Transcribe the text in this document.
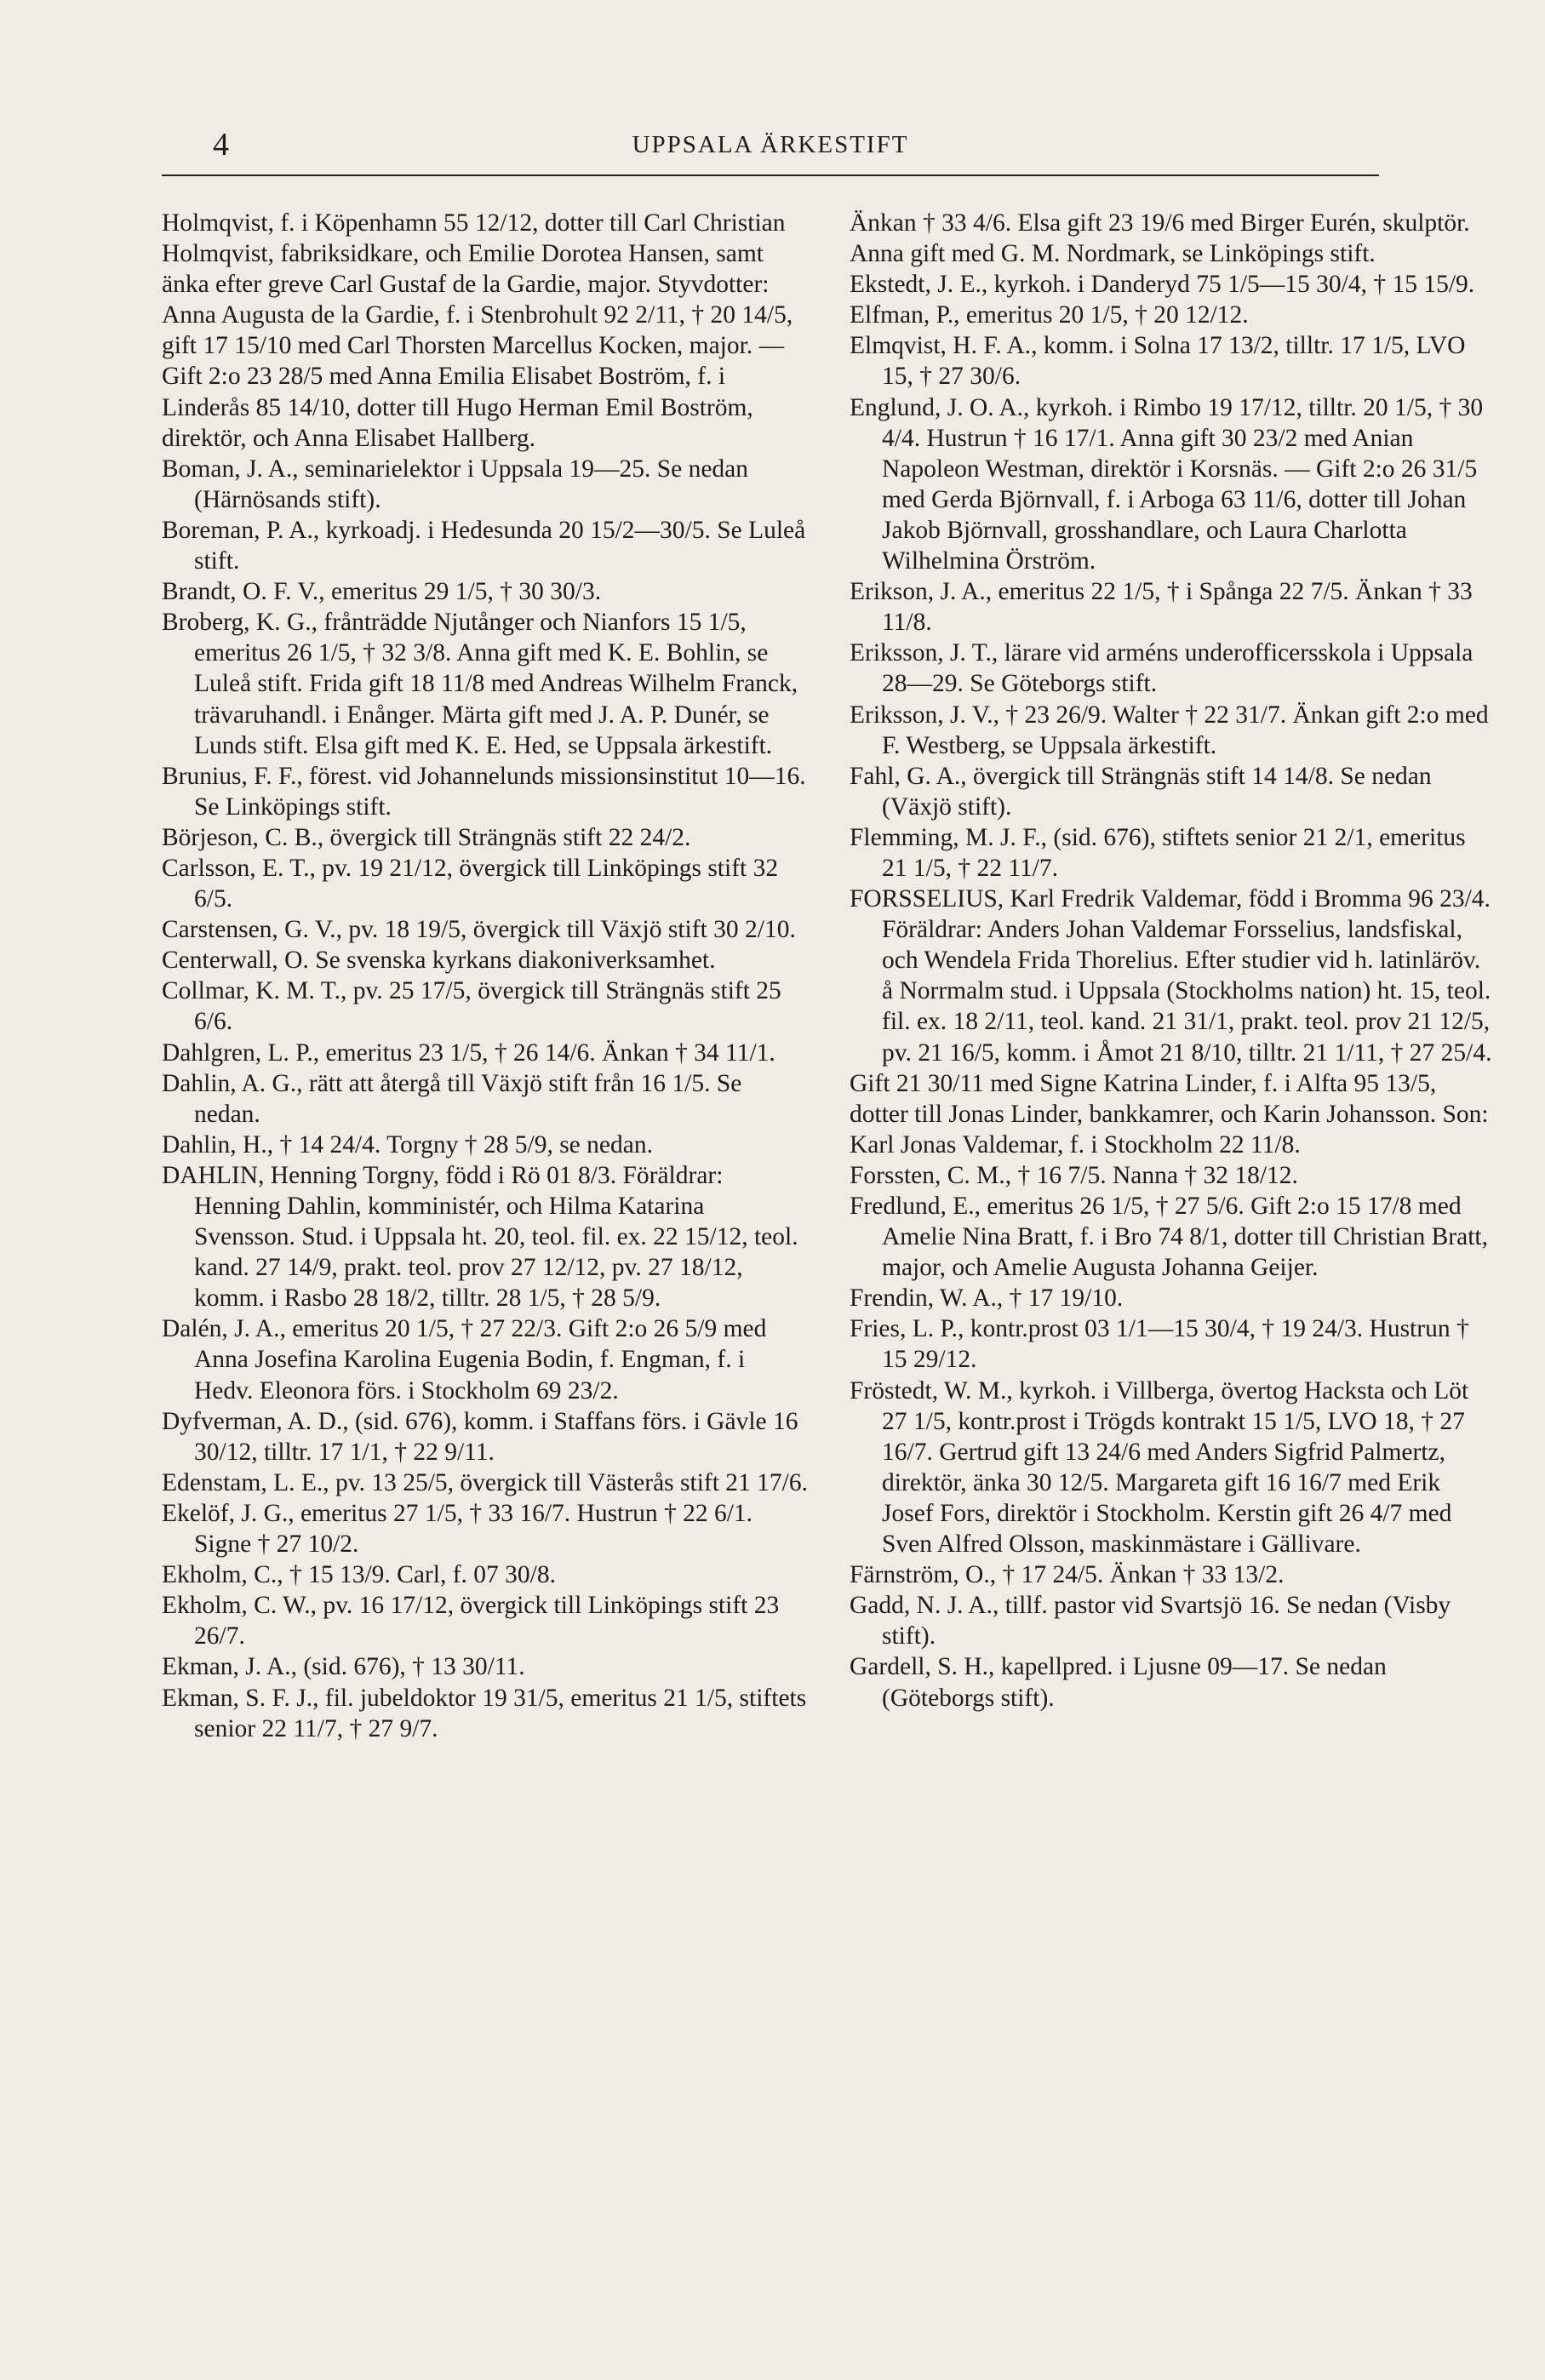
4	UPPSALA ÄRKESTIFT

Holmqvist, f. i Köpenhamn 55 12/12, dotter till Carl Christian Holmqvist, fabriksidkare, och Emilie Dorotea Hansen, samt änka efter greve Carl Gustaf de la Gardie, major. Styvdotter: Anna Augusta de la Gardie, f. i Stenbrohult 92 2/11, † 20 14/5, gift 17 15/10 med Carl Thorsten Marcellus Kocken, major. — Gift 2:o 23 28/5 med Anna Emilia Elisabet Boström, f. i Linderås 85 14/10, dotter till Hugo Herman Emil Boström, direktör, och Anna Elisabet Hallberg.

Boman, J. A., seminarielektor i Uppsala 19—25. Se nedan (Härnösands stift).

Boreman, P. A., kyrkoadj. i Hedesunda 20 15/2—30/5. Se Luleå stift.

Brandt, O. F. V., emeritus 29 1/5, † 30 30/3.

Broberg, K. G., frånträdde Njutånger och Nianfors 15 1/5, emeritus 26 1/5, † 32 3/8. Anna gift med K. E. Bohlin, se Luleå stift. Frida gift 18 11/8 med Andreas Wilhelm Franck, trävaruhandl. i Enånger. Märta gift med J. A. P. Dunér, se Lunds stift. Elsa gift med K. E. Hed, se Uppsala ärkestift.

Brunius, F. F., förest. vid Johannelunds missionsinstitut 10—16. Se Linköpings stift.

Börjeson, C. B., övergick till Strängnäs stift 22 24/2.

Carlsson, E. T., pv. 19 21/12, övergick till Linköpings stift 32 6/5.

Carstensen, G. V., pv. 18 19/5, övergick till Växjö stift 30 2/10.

Centerwall, O. Se svenska kyrkans diakoniverksamhet.

Collmar, K. M. T., pv. 25 17/5, övergick till Strängnäs stift 25 6/6.

Dahlgren, L. P., emeritus 23 1/5, † 26 14/6. Änkan † 34 11/1.

Dahlin, A. G., rätt att återgå till Växjö stift från 16 1/5. Se nedan.

Dahlin, H., † 14 24/4. Torgny † 28 5/9, se nedan.

DAHLIN, Henning Torgny, född i Rö 01 8/3. Föräldrar: Henning Dahlin, komministér, och Hilma Katarina Svensson. Stud. i Uppsala ht. 20, teol. fil. ex. 22 15/12, teol. kand. 27 14/9, prakt. teol. prov 27 12/12, pv. 27 18/12, komm. i Rasbo 28 18/2, tilltr. 28 1/5, † 28 5/9.

Dalén, J. A., emeritus 20 1/5, † 27 22/3. Gift 2:o 26 5/9 med Anna Josefina Karolina Eugenia Bodin, f. Engman, f. i Hedv. Eleonora förs. i Stockholm 69 23/2.

Dyfverman, A. D., (sid. 676), komm. i Staffans förs. i Gävle 16 30/12, tilltr. 17 1/1, † 22 9/11.

Edenstam, L. E., pv. 13 25/5, övergick till Västerås stift 21 17/6.

Ekelöf, J. G., emeritus 27 1/5, † 33 16/7. Hustrun † 22 6/1. Signe † 27 10/2.

Ekholm, C., † 15 13/9. Carl, f. 07 30/8.

Ekholm, C. W., pv. 16 17/12, övergick till Linköpings stift 23 26/7.

Ekman, J. A., (sid. 676), † 13 30/11.

Ekman, S. F. J., fil. jubeldoktor 19 31/5, emeritus 21 1/5, stiftets senior 22 11/7, † 27 9/7.

Änkan † 33 4/6. Elsa gift 23 19/6 med Birger Eurén, skulptör. Anna gift med G. M. Nordmark, se Linköpings stift.

Ekstedt, J. E., kyrkoh. i Danderyd 75 1/5—15 30/4, † 15 15/9.

Elfman, P., emeritus 20 1/5, † 20 12/12.

Elmqvist, H. F. A., komm. i Solna 17 13/2, tilltr. 17 1/5, LVO 15, † 27 30/6.

Englund, J. O. A., kyrkoh. i Rimbo 19 17/12, tilltr. 20 1/5, † 30 4/4. Hustrun † 16 17/1. Anna gift 30 23/2 med Anian Napoleon Westman, direktör i Korsnäs. — Gift 2:o 26 31/5 med Gerda Björnvall, f. i Arboga 63 11/6, dotter till Johan Jakob Björnvall, grosshandlare, och Laura Charlotta Wilhelmina Örström.

Erikson, J. A., emeritus 22 1/5, † i Spånga 22 7/5. Änkan † 33 11/8.

Eriksson, J. T., lärare vid arméns underofficersskola i Uppsala 28—29. Se Göteborgs stift.

Eriksson, J. V., † 23 26/9. Walter † 22 31/7. Änkan gift 2:o med F. Westberg, se Uppsala ärkestift.

Fahl, G. A., övergick till Strängnäs stift 14 14/8. Se nedan (Växjö stift).

Flemming, M. J. F., (sid. 676), stiftets senior 21 2/1, emeritus 21 1/5, † 22 11/7.

FORSSELIUS, Karl Fredrik Valdemar, född i Bromma 96 23/4. Föräldrar: Anders Johan Valdemar Forsselius, landsfiskal, och Wendela Frida Thorelius. Efter studier vid h. latinläröv. å Norrmalm stud. i Uppsala (Stockholms nation) ht. 15, teol. fil. ex. 18 2/11, teol. kand. 21 31/1, prakt. teol. prov 21 12/5, pv. 21 16/5, komm. i Åmot 21 8/10, tilltr. 21 1/11, † 27 25/4.

Gift 21 30/11 med Signe Katrina Linder, f. i Alfta 95 13/5, dotter till Jonas Linder, bankkamrer, och Karin Johansson. Son: Karl Jonas Valdemar, f. i Stockholm 22 11/8.

Forssten, C. M., † 16 7/5. Nanna † 32 18/12.

Fredlund, E., emeritus 26 1/5, † 27 5/6. Gift 2:o 15 17/8 med Amelie Nina Bratt, f. i Bro 74 8/1, dotter till Christian Bratt, major, och Amelie Augusta Johanna Geijer.

Frendin, W. A., † 17 19/10.

Fries, L. P., kontr.prost 03 1/1—15 30/4, † 19 24/3. Hustrun † 15 29/12.

Fröstedt, W. M., kyrkoh. i Villberga, övertog Hacksta och Löt 27 1/5, kontr.prost i Trögds kontrakt 15 1/5, LVO 18, † 27 16/7. Gertrud gift 13 24/6 med Anders Sigfrid Palmertz, direktör, änka 30 12/5. Margareta gift 16 16/7 med Erik Josef Fors, direktör i Stockholm. Kerstin gift 26 4/7 med Sven Alfred Olsson, maskinmästare i Gällivare.

Färnström, O., † 17 24/5. Änkan † 33 13/2.

Gadd, N. J. A., tillf. pastor vid Svartsjö 16. Se nedan (Visby stift).

Gardell, S. H., kapellpred. i Ljusne 09—17. Se nedan (Göteborgs stift).
